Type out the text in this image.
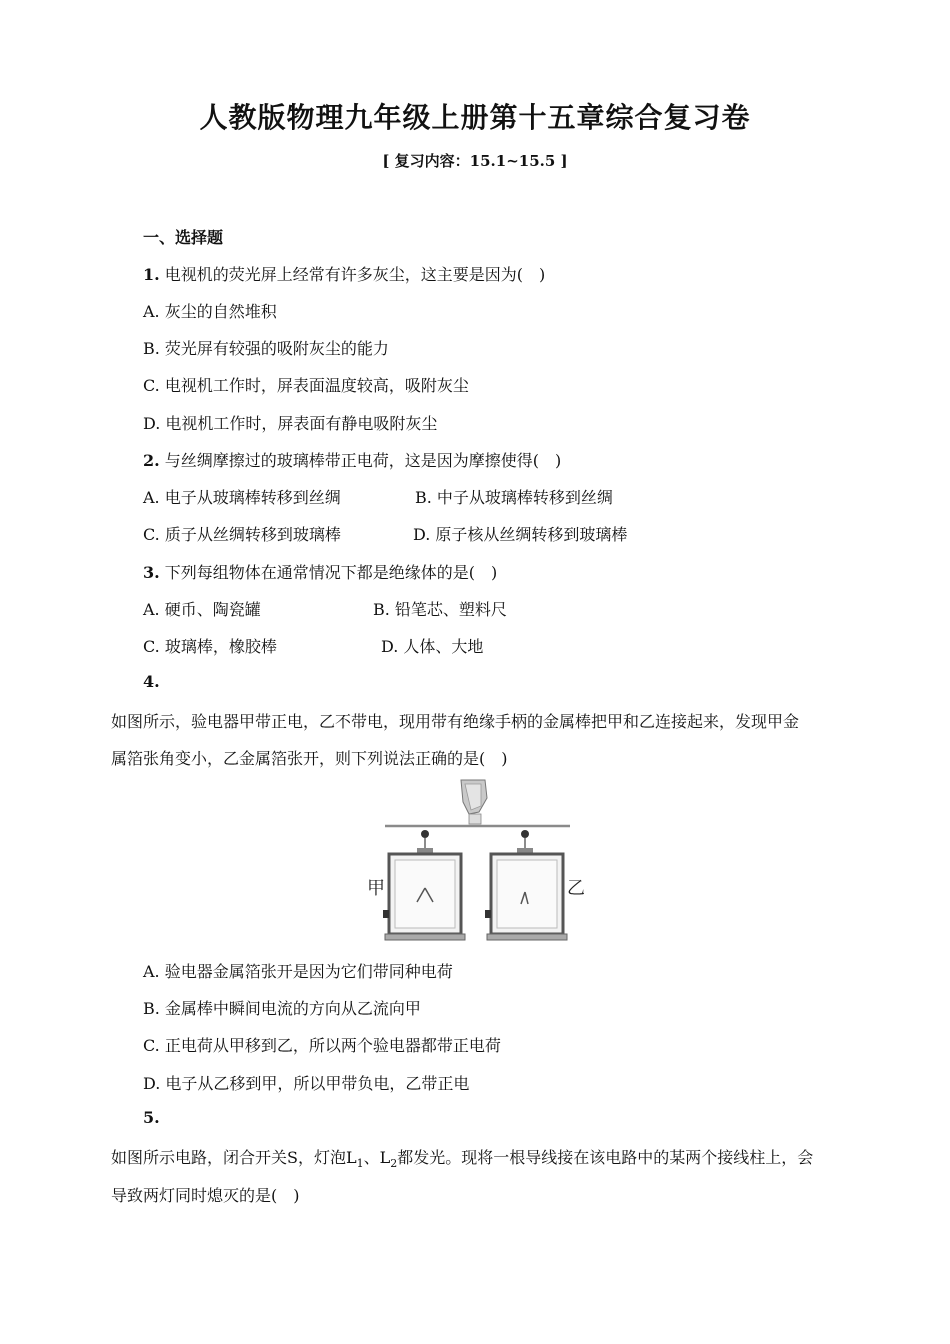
人教版物理九年级上册第十五章综合复习卷
[ 复习内容：15.1~15.5 ]
一、选择题
1. 电视机的荧光屏上经常有许多灰尘，这主要是因为(　)
A. 灰尘的自然堆积
B. 荧光屏有较强的吸附灰尘的能力
C. 电视机工作时，屏表面温度较高，吸附灰尘
D. 电视机工作时，屏表面有静电吸附灰尘
2. 与丝绸摩擦过的玻璃棒带正电荷，这是因为摩擦使得(　)
A. 电子从玻璃棒转移到丝绸	B. 中子从玻璃棒转移到丝绸
C. 质子从丝绸转移到玻璃棒	D. 原子核从丝绸转移到玻璃棒
3. 下列每组物体在通常情况下都是绝缘体的是(　)
A. 硬币、陶瓷罐	B. 铅笔芯、塑料尺
C. 玻璃棒，橡胶棒	D. 人体、大地
4.
如图所示，验电器甲带正电，乙不带电，现用带有绝缘手柄的金属棒把甲和乙连接起来，发现甲金
属箔张角变小，乙金属箔张开，则下列说法正确的是(　)
甲	乙
A. 验电器金属箔张开是因为它们带同种电荷
B. 金属棒中瞬间电流的方向从乙流向甲
C. 正电荷从甲移到乙，所以两个验电器都带正电荷
D. 电子从乙移到甲，所以甲带负电，乙带正电
5.
如图所示电路，闭合开关S，灯泡$L_1$、$L_2$都发光。现将一根导线接在该电路中的某两个接线柱上，会
导致两灯同时熄灭的是(　)
